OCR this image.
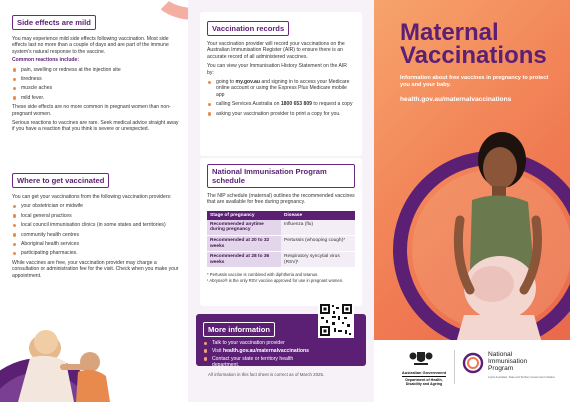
Side effects are mild

You may experience mild side effects following vaccination. Most side effects last no more than a couple of days and are part of the immune system's natural response to the vaccine.

Common reactions include:

pain, swelling or redness at the injection site
tiredness
muscle aches
mild fever.

These side effects are no more common in pregnant women than non-pregnant women.

Serious reactions to vaccines are rare. Seek medical advice straight away if you have a reaction that you think is severe or unexpected.

Where to get vaccinated

You can get your vaccinations from the following vaccination providers:

your obstetrician or midwife
local general practices
local council immunisation clinics (in some states and territories)
community health centres
Aboriginal health services
participating pharmacies.

While vaccines are free, your vaccination provider may charge a consultation or administration fee for the visit. Check when you make your appointment.

Vaccination records

Your vaccination provider will record your vaccinations on the Australian Immunisation Register (AIR) to ensure there is an accurate record of all administered vaccines.

You can view your Immunisation History Statement on the AIR by:

going to my.gov.au and signing in to access your Medicare online account or using the Express Plus Medicare mobile app
calling Services Australia on 1800 653 809 to request a copy
asking your vaccination provider to print a copy for you.
National Immunisation Program schedule

The NIP schedule (maternal) outlines the recommended vaccines that are available for free during pregnancy.

Stage of pregnancy	Disease
Recommended anytime during pregnancy	Influenza (flu)
Recommended at 20 to 32 weeks	Pertussis (whooping cough)*
Recommended at 28 to 36 weeks	Respiratory syncytial virus (RSV)¹

* Pertussis vaccine is combined with diphtheria and tetanus.

¹ Abrysvo® is the only RSV vaccine approved for use in pregnant women.

More information
Talk to your vaccination provider
Visit health.gov.au/maternalvaccinations
Contact your state or territory health department.

All information in this fact sheet is correct as of March 2025.

Maternal
Vaccinations

Information about free vaccines in pregnancy to protect you and your baby.

health.gov.au/maternalvaccinations

Australian Government
Department of Health,
Disability and Ageing
National
Immunisation
Program
A joint Australian, State and Territory Government initiative
